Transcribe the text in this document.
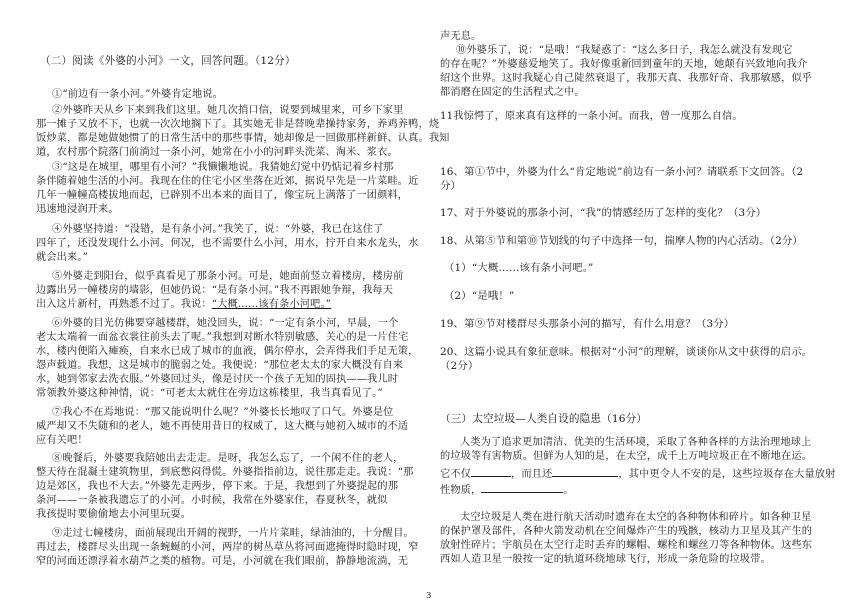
（二）阅读《外婆的小河》一文，回答问题。（12分）
①“前边有一条小河。”外婆肯定地说。
②外婆昨天从乡下来到我们这里。她几次捎口信，说要到城里来，可乡下家里
那一摊子又放不下，也就一次次地搁下了。其实她无非是替晚辈操持家务，养鸡养鸭，烧
饭炒菜，都是她做她惯了的日常生活中的那些事情，她却像是一回做那样新鲜、认真。我知
道，农村那个院落门前淌过一条小河，她常在小小的河畔头洗菜、淘米、浆衣。
③“这是在城里，哪里有小河？”我懒懒地说。我猜她幻觉中仍惦记着乡村那
条伴随着她生活的小河。我现在住的住宅小区坐落在近郊，据说早先是一片菜畦。近
几年一幢幢高楼拔地而起，已辟别不出本来的面目了，像宝玩上满落了一团颜料，
迅速地浸润开来。
④外婆坚持道：“没错，是有条小河。”我笑了，说：“外婆，我已在这住了
四年了，还没发现什么小河。何况，也不需要什么小河，用水，拧开自来水龙头，水
就会出来。”
⑤外婆走到阳台，似乎真看见了那条小河。可是，她面前竖立着楼房，楼房前
边露出另一幢楼房的墙影，但她仍说：“是有条小河。”我不再跟她争辩，我每天
出入这片新村，再熟悉不过了。我说：“大概……该有条小河吧。”
⑥外婆的目光仿佛要穿越楼群，她没回头，说：“一定有条小河，早晨，一个
老太太端着一面盆衣裳往前头去了呢。”我想到对断水特别敏感，关心的是一片住宅
水，楼内便陷入瘫痪，自来水已成了城市的血液，偶尔停水，会弄得我们手足无策，
怨声载道。我想，这是城市的脆弱之处。我便说：“那位老太太的家大概没有自来
水，她到邻家去洗衣服。”外婆回过头，像是讨厌一个孩子无知的固执——我儿时
常领教外婆这种神情，说：“可老太太就住在旁边这栋楼里，我当真看见了。”
⑦我心不在焉地说：“那又能说明什么呢？”外婆长长地叹了口气。外婆是位
威严却又不失随和的老人，她不再使用昔日的权威了，这大概与她初入城市的不适
应有关吧！
⑧晚餐后，外婆要我陪她出去走走。是呀，我怎么忘了，一个闲不住的老人，
整天待在混凝土建筑物里，到底憋闷得慌。外婆指指前边，说往那走走。我说：“那
边是郊区，我也不大去。”外婆先走两步，停下来。于是，我想到了外婆提起的那
条河——一条被我遗忘了的小河。小时候，我常在外婆家住，春夏秋冬，就似
我孩提时要偷偷地去小河里玩耍。
⑨走过七幢楼房，面前展现出开阔的视野，一片片菜畦，绿油油的，十分醒目。
再过去，楼群尽头出现一条蜿蜒的小河，两岸的树丛草丛将河面遮掩得时隐时现，窄
窄的河面还漂浮着水葫芦之类的植物。可是，小河就在我们眼前，静静地流淌，无
声无息。
⑩外婆乐了，说：“是哦！”我疑惑了：“这么多日子，我怎么就没有发现它
的存在呢？”外婆慈爱地笑了。我好像重新回到童年的天地，她颠有兴致地向我介
绍这个世界。这时我疑心自己陡然衰退了，我那天真、我那好奇、我那敏感，似乎
都消磨在固定的生活程式之中。
11我惊愕了，原来真有这样的一条小河。而我，曾一度那么自信。
16、第①节中，外婆为什么“肯定地说”前边有一条小河？请联系下文回答。（2
分）
17、对于外婆说的那条小河，“我”的情感经历了怎样的变化？（3分）
18、从第⑤节和第⑩节划线的句子中选择一句，揣摩人物的内心活动。（2分）
（1）“大概……该有条小河吧。”
（2）“是哦！”
19、第⑨节对楼群尽头那条小河的描写，有什么用意？（3分）
20、这篇小说具有象征意味。根据对“小河”的理解，谈谈你从文中获得的启示。
（2分）
（三）太空垃圾—人类自设的隐患（16分）
人类为了追求更加清洁、优美的生活环境，采取了各种各样的方法治理地球上
的垃圾等有害物质。但鲜为人知的是，在太空，成千上万吨垃圾正在不断地在运。
它不仅	，而且还	，其中更令人不安的是，这些垃圾存在大量放射
性物质，	。
太空垃圾是人类在进行航天活动时遗弃在太空的各种物体和碎片。如各种卫星
的保护罩及部件，各种火箭发动机在空间爆炸产生的残骸，核动力卫星及其产生的
放射性碎片；宇航员在太空行走时丢弃的螺帽、螺栓和螺丝刀等各种物体。这些东
西如人造卫星一般按一定的轨道环绕地球飞行，形成一条危险的垃圾带。
3
